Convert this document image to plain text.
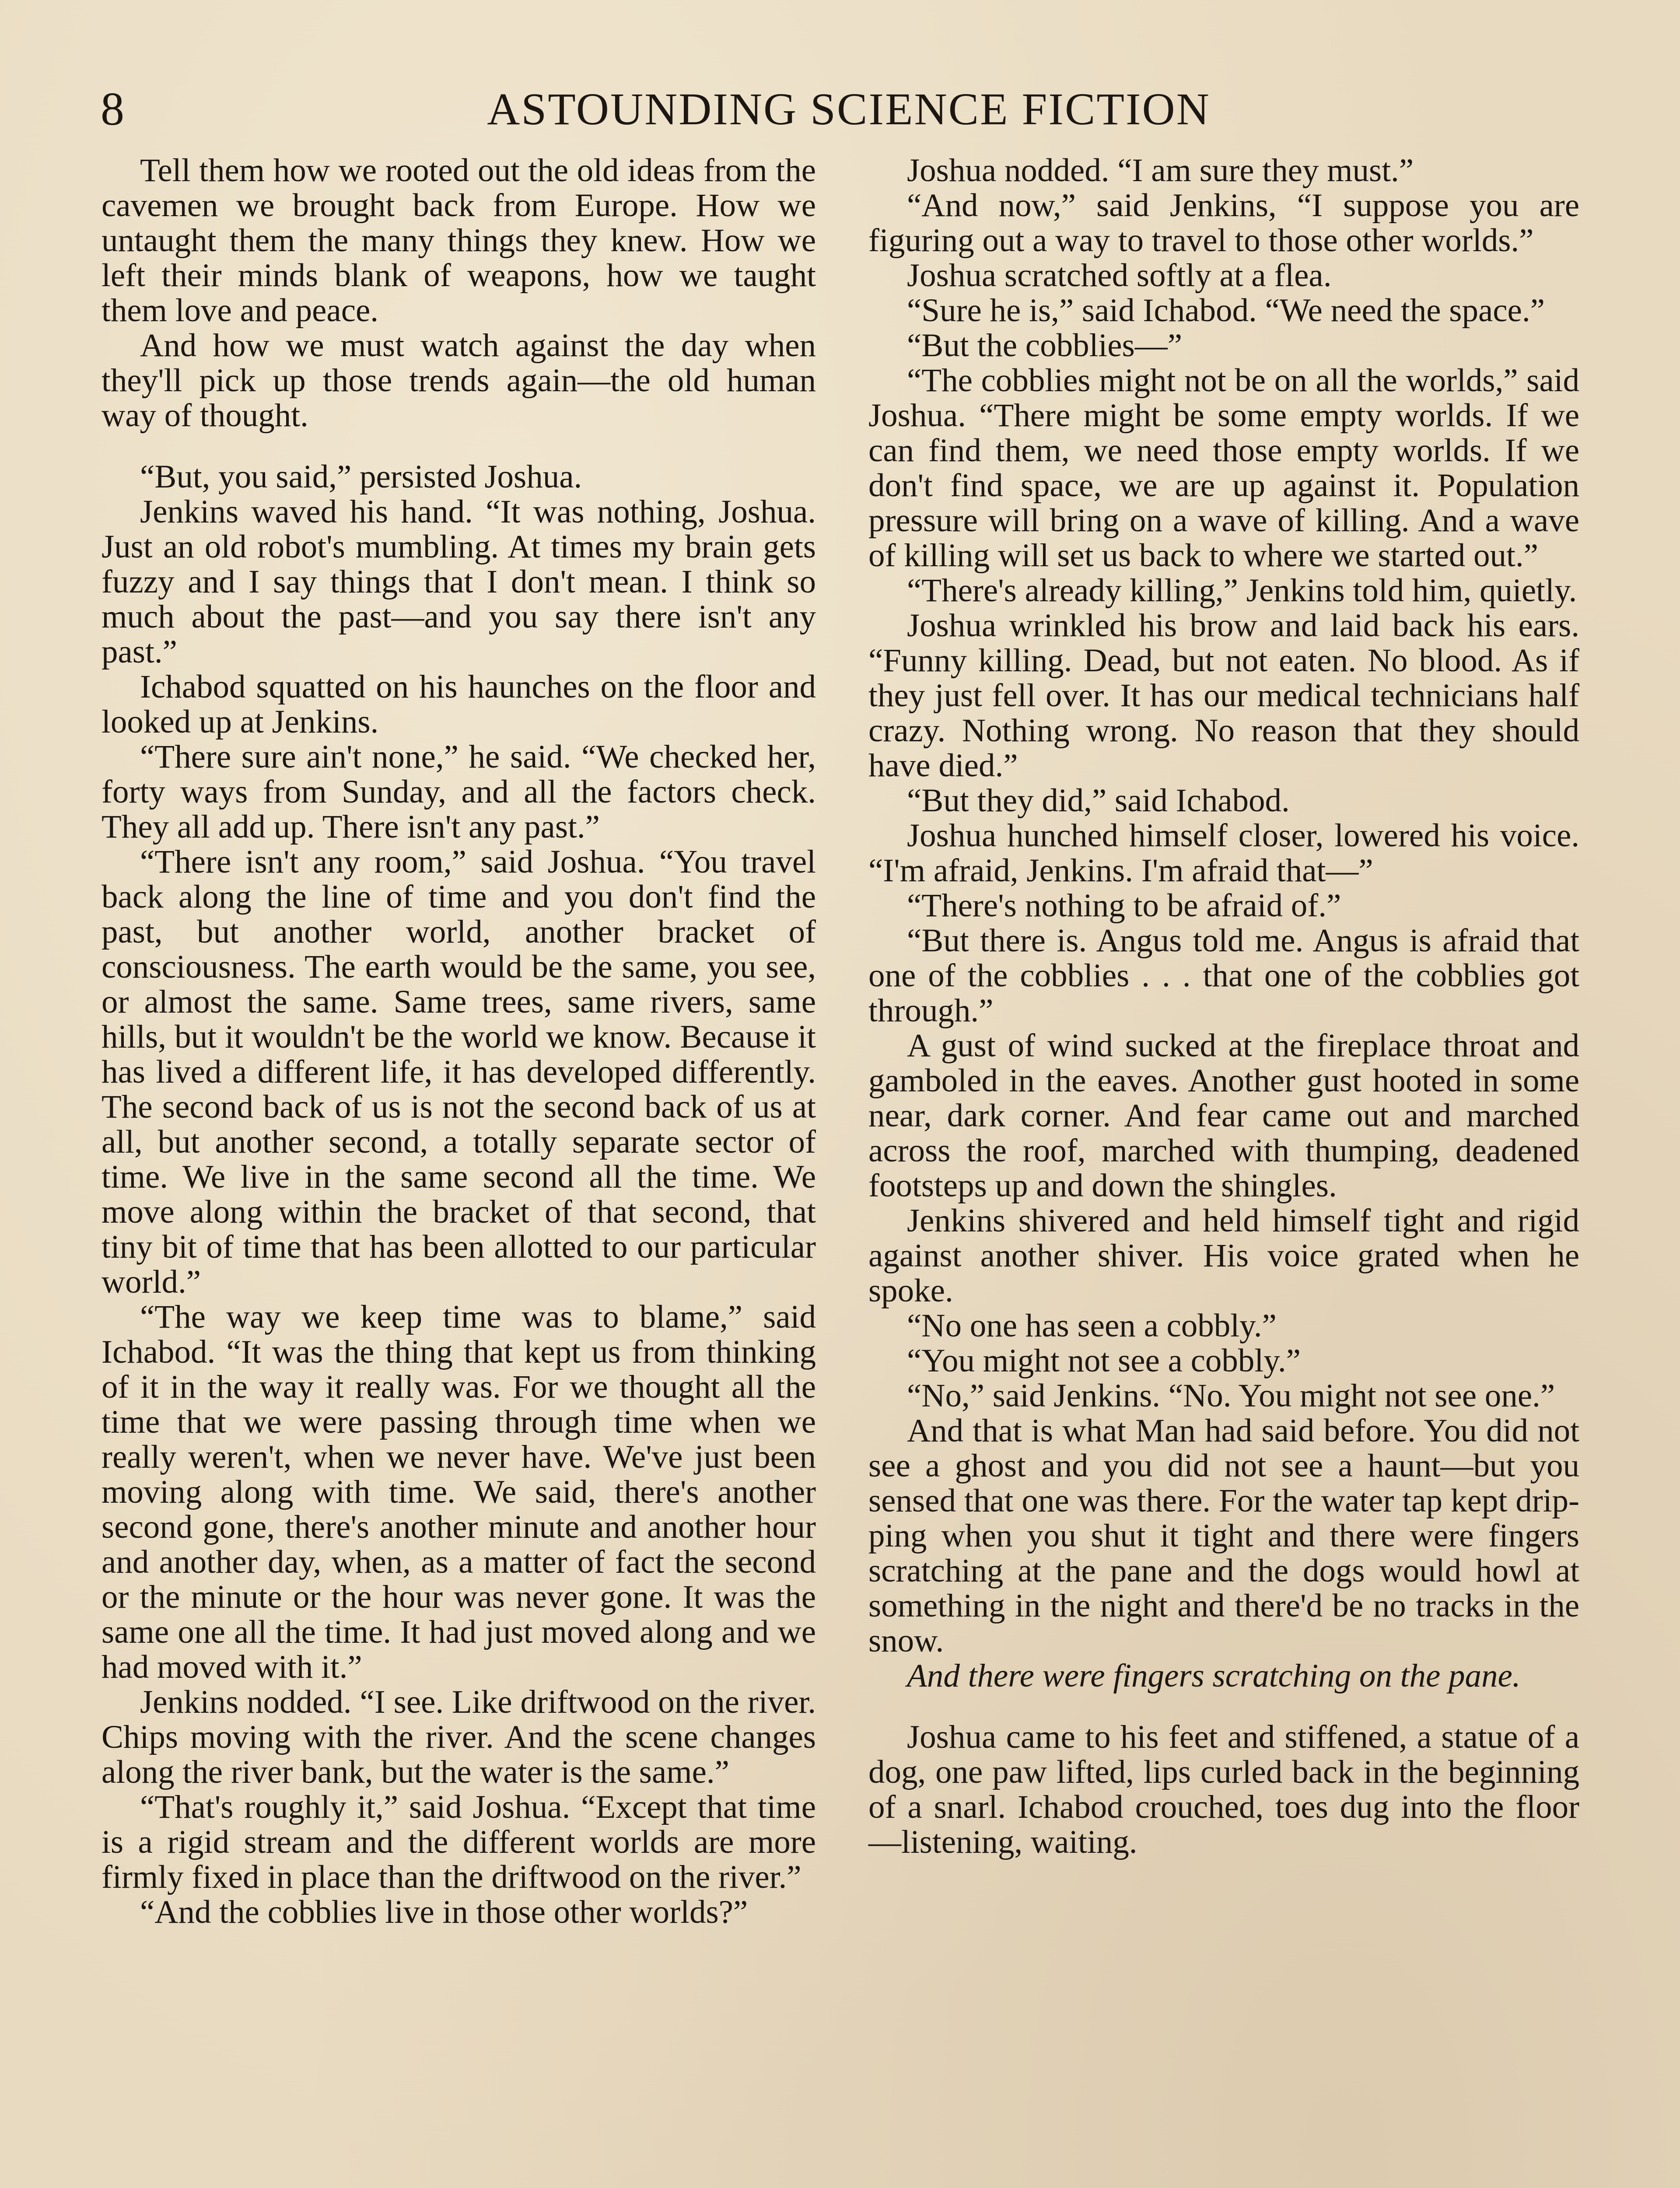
8	ASTOUNDING SCIENCE FICTION

Tell them how we rooted out the old ideas from the cavemen we brought back from Europe. How we untaught them the many things they knew. How we left their minds blank of weapons, how we taught them love and peace.

And how we must watch against the day when they'll pick up those trends again—the old human way of thought.

“But, you said,” persisted Joshua.

Jenkins waved his hand. “It was nothing, Joshua. Just an old robot's mumbling. At times my brain gets fuzzy and I say things that I don't mean. I think so much about the past—and you say there isn't any past.”

Ichabod squatted on his haunches on the floor and looked up at Jenkins.

“There sure ain't none,” he said. “We checked her, forty ways from Sunday, and all the factors check. They all add up. There isn't any past.”

“There isn't any room,” said Joshua. “You travel back along the line of time and you don't find the past, but another world, another bracket of consciousness. The earth would be the same, you see, or almost the same. Same trees, same rivers, same hills, but it wouldn't be the world we know. Because it has lived a different life, it has developed differently. The second back of us is not the second back of us at all, but another second, a totally separate sector of time. We live in the same second all the time. We move along within the bracket of that second, that tiny bit of time that has been allotted to our particular world.”

“The way we keep time was to blame,” said Ichabod. “It was the thing that kept us from thinking of it in the way it really was. For we thought all the time that we were passing through time when we really weren't, when we never have. We've just been moving along with time. We said, there's another second gone, there's another minute and another hour and another day, when, as a matter of fact the second or the minute or the hour was never gone. It was the same one all the time. It had just moved along and we had moved with it.”

Jenkins nodded. “I see. Like driftwood on the river. Chips moving with the river. And the scene changes along the river bank, but the water is the same.”

“That's roughly it,” said Joshua. “Except that time is a rigid stream and the different worlds are more firmly fixed in place than the driftwood on the river.”

“And the cobblies live in those other worlds?”

Joshua nodded. “I am sure they must.”

“And now,” said Jenkins, “I suppose you are figuring out a way to travel to those other worlds.”

Joshua scratched softly at a flea.

“Sure he is,” said Ichabod. “We need the space.”

“But the cobblies—”

“The cobblies might not be on all the worlds,” said Joshua. “There might be some empty worlds. If we can find them, we need those empty worlds. If we don't find space, we are up against it. Population pressure will bring on a wave of killing. And a wave of killing will set us back to where we started out.”

“There's already killing,” Jenkins told him, quietly.

Joshua wrinkled his brow and laid back his ears. “Funny killing. Dead, but not eaten. No blood. As if they just fell over. It has our medical technicians half crazy. Nothing wrong. No reason that they should have died.”

“But they did,” said Ichabod.

Joshua hunched himself closer, lowered his voice. “I'm afraid, Jenkins. I'm afraid that—”

“There's nothing to be afraid of.”

“But there is. Angus told me. Angus is afraid that one of the cobblies . . . that one of the cobblies got through.”

A gust of wind sucked at the fireplace throat and gamboled in the eaves. Another gust hooted in some near, dark corner. And fear came out and marched across the roof, marched with thumping, deadened footsteps up and down the shingles.

Jenkins shivered and held himself tight and rigid against another shiver. His voice grated when he spoke.

“No one has seen a cobbly.”

“You might not see a cobbly.”

“No,” said Jenkins. “No. You might not see one.”

And that is what Man had said before. You did not see a ghost and you did not see a haunt—but you sensed that one was there. For the water tap kept dripping when you shut it tight and there were fingers scratching at the pane and the dogs would howl at something in the night and there'd be no tracks in the snow.

And there were fingers scratching on the pane.

Joshua came to his feet and stiffened, a statue of a dog, one paw lifted, lips curled back in the beginning of a snarl. Ichabod crouched, toes dug into the floor—listening, waiting.
